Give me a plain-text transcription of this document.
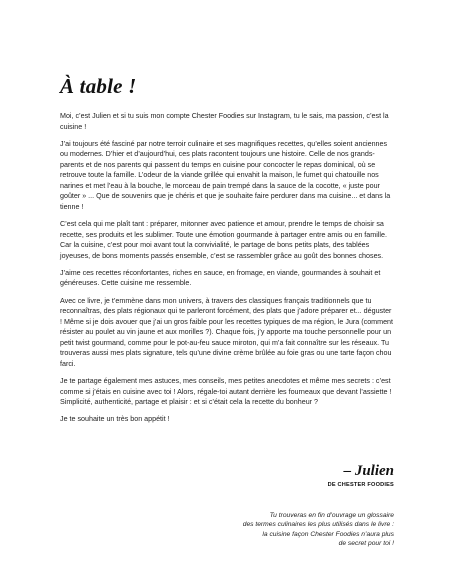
À table !

Moi, c’est Julien et si tu suis mon compte Chester Foodies sur Instagram, tu le sais, ma passion, c’est la cuisine !

J’ai toujours été fasciné par notre terroir culinaire et ses magnifiques recettes, qu’elles soient anciennes ou modernes. D’hier et d’aujourd’hui, ces plats racontent toujours une histoire. Celle de nos grands-parents et de nos parents qui passent du temps en cuisine pour concocter le repas dominical, où se retrouve toute la famille. L’odeur de la viande grillée qui envahit la maison, le fumet qui chatouille nos narines et met l’eau à la bouche, le morceau de pain trempé dans la sauce de la cocotte, « juste pour goûter » ... Que de souvenirs que je chéris et que je souhaite faire perdurer dans ma cuisine... et dans la tienne !

C’est cela qui me plaît tant : préparer, mitonner avec patience et amour, prendre le temps de choisir sa recette, ses produits et les sublimer. Toute une émotion gourmande à partager entre amis ou en famille. Car la cuisine, c’est pour moi avant tout la convivialité, le partage de bons petits plats, des tablées joyeuses, de bons moments passés ensemble, c’est se rassembler grâce au goût des bonnes choses.

J’aime ces recettes réconfortantes, riches en sauce, en fromage, en viande, gourmandes à souhait et généreuses. Cette cuisine me ressemble.

Avec ce livre, je t’emmène dans mon univers, à travers des classiques français traditionnels que tu reconnaîtras, des plats régionaux qui te parleront forcément, des plats que j’adore préparer et... déguster ! Même si je dois avouer que j’ai un gros faible pour les recettes typiques de ma région, le Jura (comment résister au poulet au vin jaune et aux morilles ?). Chaque fois, j’y apporte ma touche personnelle pour un petit twist gourmand, comme pour le pot-au-feu sauce miroton, qui m’a fait connaître sur les réseaux. Tu trouveras aussi mes plats signature, tels qu’une divine crème brûlée au foie gras ou une tarte façon chou farci.

Je te partage également mes astuces, mes conseils, mes petites anecdotes et même mes secrets : c’est comme si j’étais en cuisine avec toi ! Alors, régale-toi autant derrière les fourneaux que devant l’assiette ! Simplicité, authenticité, partage et plaisir : et si c’était cela la recette du bonheur ?

Je te souhaite un très bon appétit !

– Julien
DE CHESTER FOODIES
Tu trouveras en fin d’ouvrage un glossaire
des termes culinaires les plus utilisés dans le livre :
la cuisine façon Chester Foodies n’aura plus
de secret pour toi !
